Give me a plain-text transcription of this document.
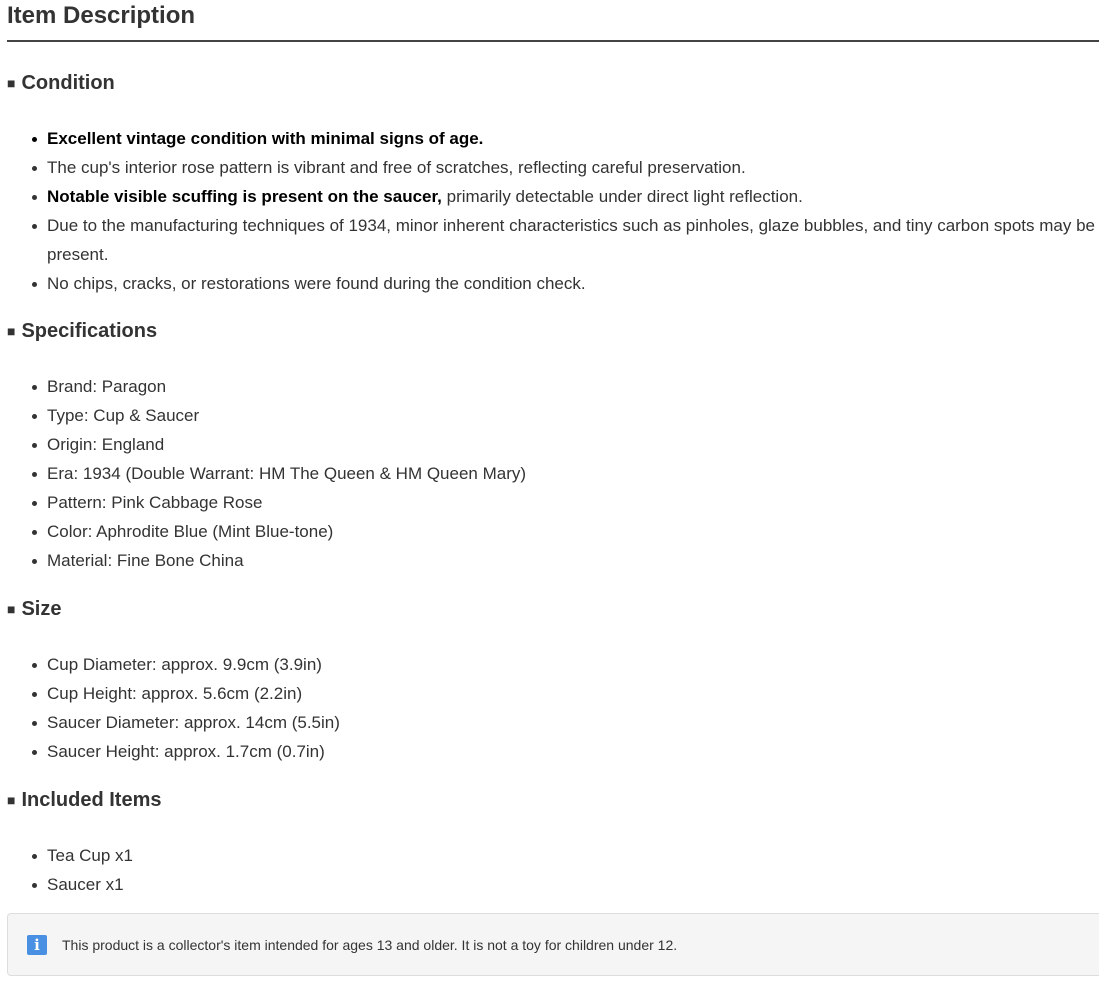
Item Description
■ Condition
Excellent vintage condition with minimal signs of age.
The cup's interior rose pattern is vibrant and free of scratches, reflecting careful preservation.
Notable visible scuffing is present on the saucer, primarily detectable under direct light reflection.
Due to the manufacturing techniques of 1934, minor inherent characteristics such as pinholes, glaze bubbles, and tiny carbon spots may be present.
No chips, cracks, or restorations were found during the condition check.
■ Specifications
Brand: Paragon
Type: Cup & Saucer
Origin: England
Era: 1934 (Double Warrant: HM The Queen & HM Queen Mary)
Pattern: Pink Cabbage Rose
Color: Aphrodite Blue (Mint Blue-tone)
Material: Fine Bone China
■ Size
Cup Diameter: approx. 9.9cm (3.9in)
Cup Height: approx. 5.6cm (2.2in)
Saucer Diameter: approx. 14cm (5.5in)
Saucer Height: approx. 1.7cm (0.7in)
■ Included Items
Tea Cup x1
Saucer x1
i	This product is a collector's item intended for ages 13 and older. It is not a toy for children under 12.
